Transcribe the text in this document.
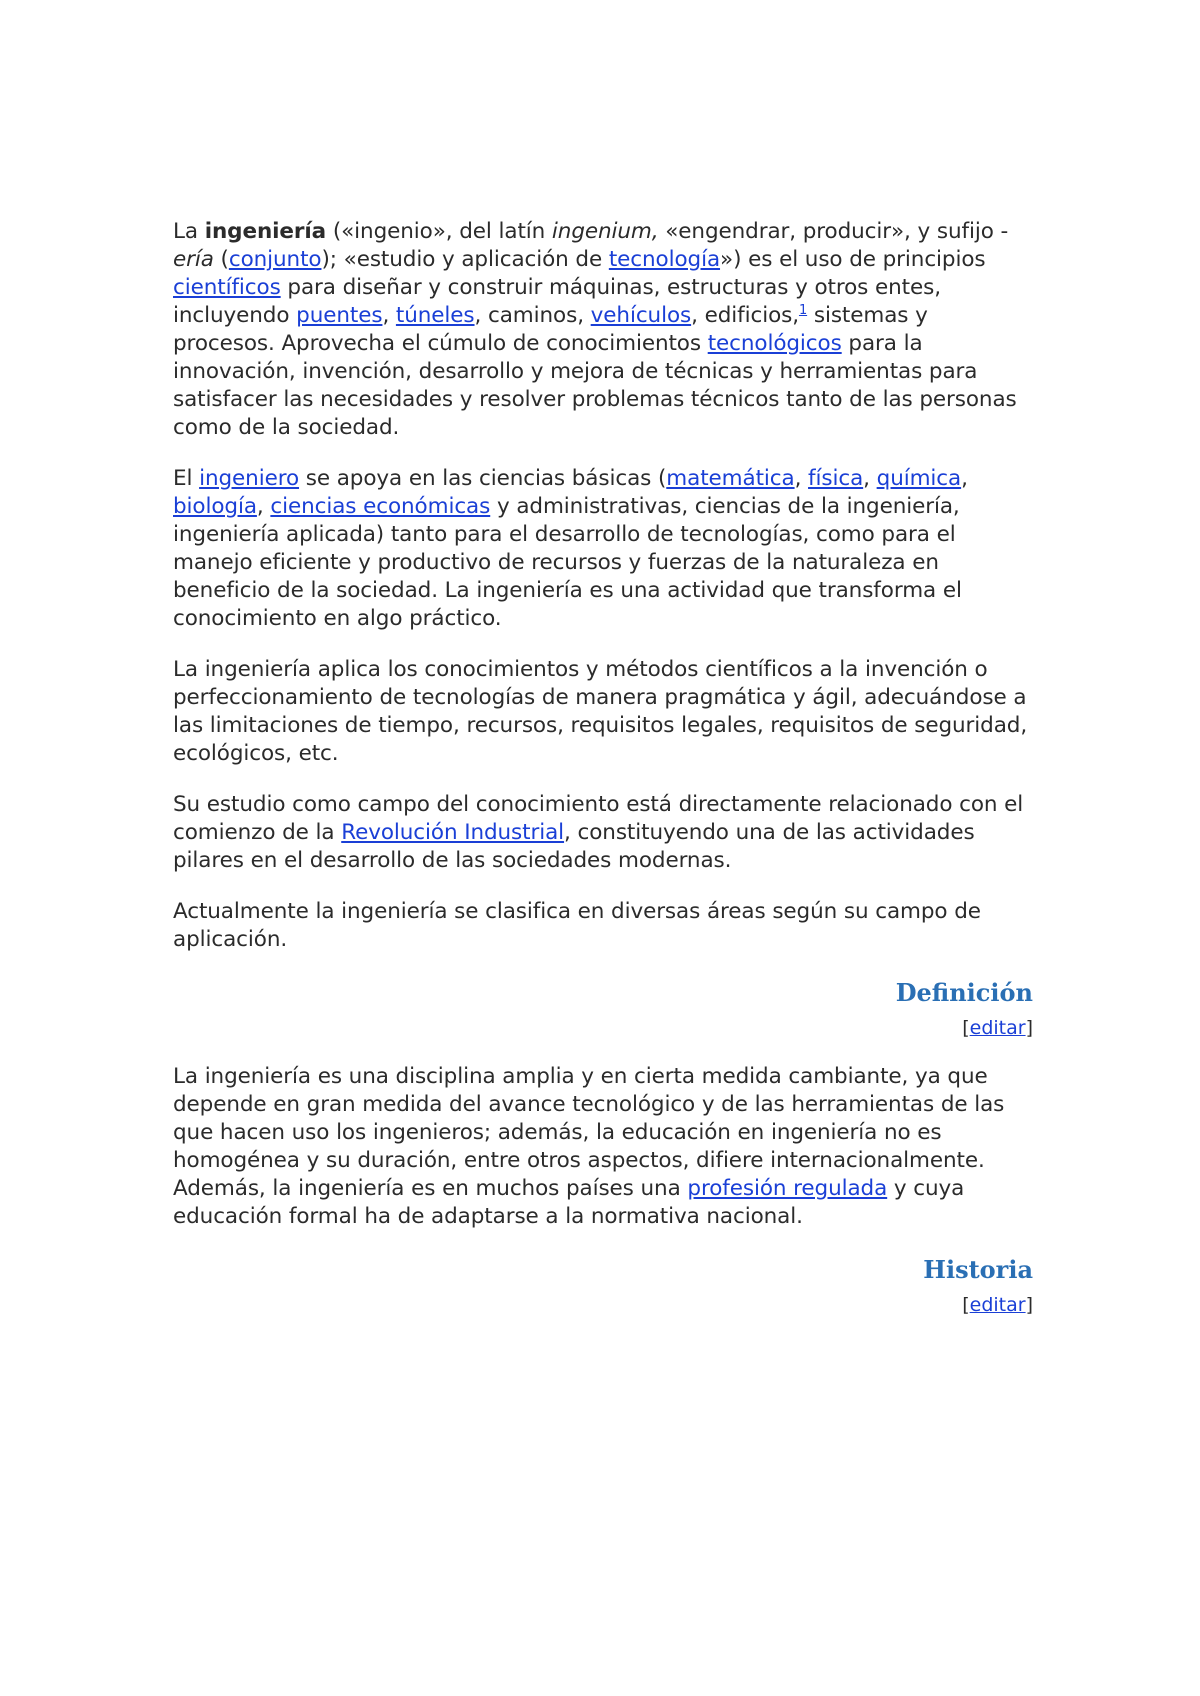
La ingeniería («ingenio», del latín ingenium, «engendrar, producir», y sufijo -ería (conjunto); «estudio y aplicación de tecnología») es el uso de principios científicos para diseñar y construir máquinas, estructuras y otros entes, incluyendo puentes, túneles, caminos, vehículos, edificios,$^1$ sistemas y procesos. Aprovecha el cúmulo de conocimientos tecnológicos para la innovación, invención, desarrollo y mejora de técnicas y herramientas para satisfacer las necesidades y resolver problemas técnicos tanto de las personas como de la sociedad.

El ingeniero se apoya en las ciencias básicas (matemática, física, química, biología, ciencias económicas y administrativas, ciencias de la ingeniería, ingeniería aplicada) tanto para el desarrollo de tecnologías, como para el manejo eficiente y productivo de recursos y fuerzas de la naturaleza en beneficio de la sociedad. La ingeniería es una actividad que transforma el conocimiento en algo práctico.

La ingeniería aplica los conocimientos y métodos científicos a la invención o perfeccionamiento de tecnologías de manera pragmática y ágil, adecuándose a las limitaciones de tiempo, recursos, requisitos legales, requisitos de seguridad, ecológicos, etc.

Su estudio como campo del conocimiento está directamente relacionado con el comienzo de la Revolución Industrial, constituyendo una de las actividades pilares en el desarrollo de las sociedades modernas.

Actualmente la ingeniería se clasifica en diversas áreas según su campo de aplicación.

Definición
[editar]

La ingeniería es una disciplina amplia y en cierta medida cambiante, ya que depende en gran medida del avance tecnológico y de las herramientas de las que hacen uso los ingenieros; además, la educación en ingeniería no es homogénea y su duración, entre otros aspectos, difiere internacionalmente. Además, la ingeniería es en muchos países una profesión regulada y cuya educación formal ha de adaptarse a la normativa nacional.

Historia
[editar]
